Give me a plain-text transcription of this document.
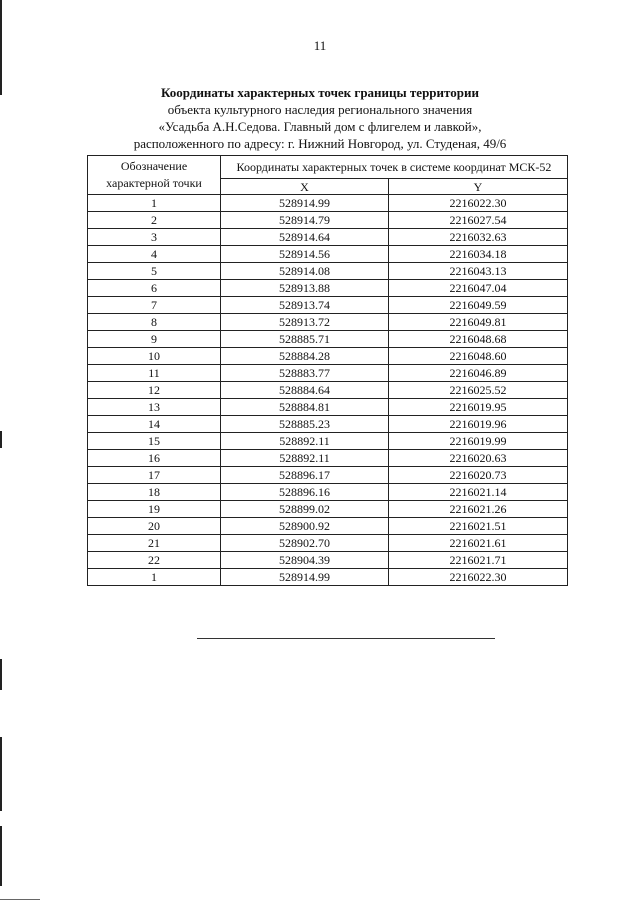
11
Координаты характерных точек границы территории
объекта культурного наследия регионального значения
«Усадьба А.Н.Седова. Главный дом с флигелем и лавкой»,
расположенного по адресу: г. Нижний Новгород, ул. Студеная, 49/6
Обозначение характерной точки	Координаты характерных точек в системе координат МСК-52	
	X	Y
1	528914.99	2216022.30
2	528914.79	2216027.54
3	528914.64	2216032.63
4	528914.56	2216034.18
5	528914.08	2216043.13
6	528913.88	2216047.04
7	528913.74	2216049.59
8	528913.72	2216049.81
9	528885.71	2216048.68
10	528884.28	2216048.60
11	528883.77	2216046.89
12	528884.64	2216025.52
13	528884.81	2216019.95
14	528885.23	2216019.96
15	528892.11	2216019.99
16	528892.11	2216020.63
17	528896.17	2216020.73
18	528896.16	2216021.14
19	528899.02	2216021.26
20	528900.92	2216021.51
21	528902.70	2216021.61
22	528904.39	2216021.71
1	528914.99	2216022.30
